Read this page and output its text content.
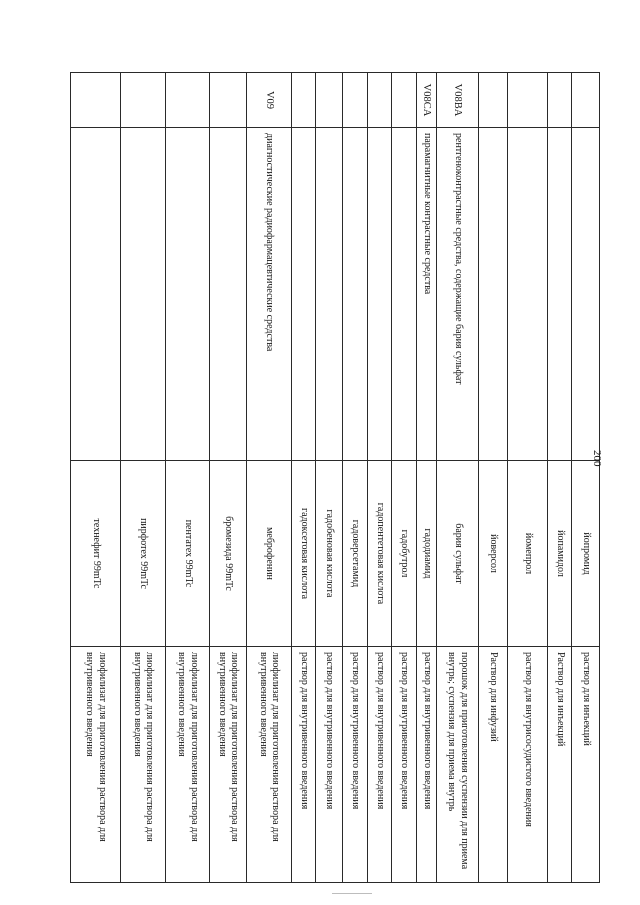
		йопромид	раствор для инъекций
		йопамидол	Раствор для инъекций
		йомепрол	раствор для внутрисосудистого введения
		йоверсол	Раствор для инфузий
V08BA	рентгеноконтрастные средства, содержащие бария сульфат	бария сульфат	порошок для приготовления суспензии для приема внутрь; суспензия для приема внутрь
V08CA	парамагнитные контрастные средства	гадодиамид	раствор для внутривенного введения
		гадобутрол	раствор для внутривенного введения
		гадопентетовая кислота	раствор для внутривенного введения
		гадоверсетамид	раствор для внутривенного введения
		гадобеновая кислота	раствор для внутривенного введения
		гадоксетовая кислота	раствор для внутривенного введения
V09	диагностические радиофармацевтические средства	меброфенин	лиофилизат для приготовления раствора для внутривенного введения
		бромезида 99mTc	лиофилизат для приготовления раствора для внутривенного введения
		пентатех 99mTc	лиофилизат для приготовления раствора для внутривенного введения
		пирфотех 99mTc	лиофилизат для приготовления раствора для внутривенного введения
		технефит 99mTc	лиофилизат для приготовления раствора для внутривенного введения
200
